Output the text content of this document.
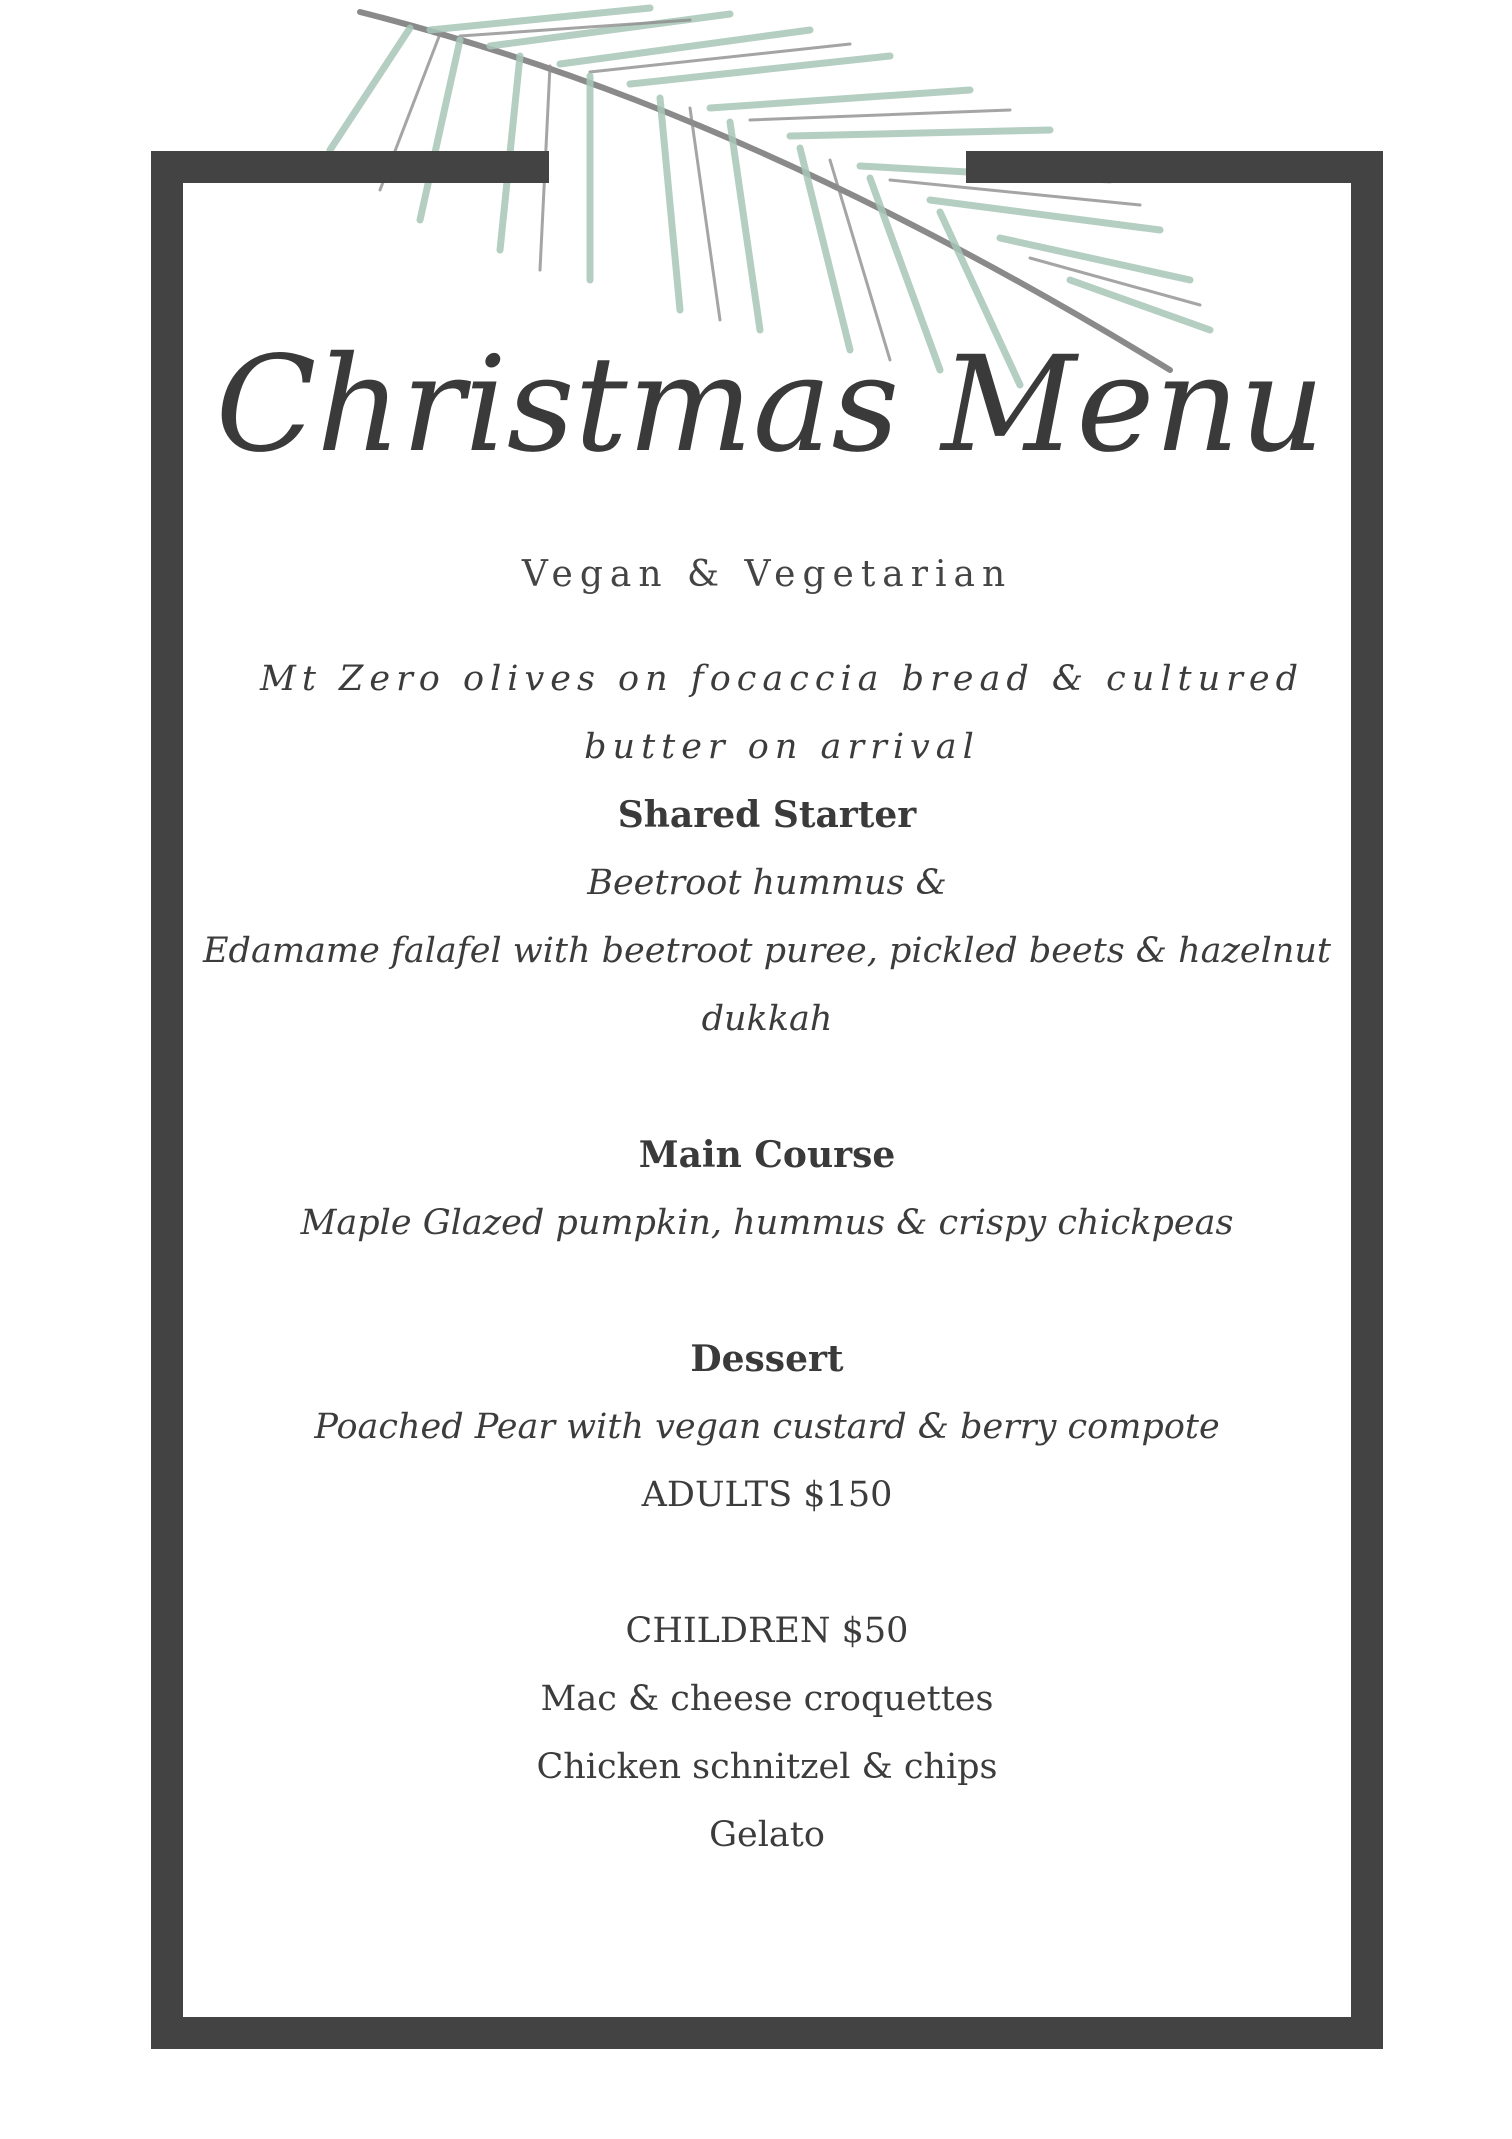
Christmas Menu
Vegan & Vegetarian
Mt Zero olives on focaccia bread & cultured butter on arrival
Shared Starter
Beetroot hummus &
Edamame falafel with beetroot puree, pickled beets & hazelnut dukkah
Main Course
Maple Glazed pumpkin, hummus & crispy chickpeas
Dessert
Poached Pear with vegan custard & berry compote
ADULTS $150
CHILDREN $50
Mac & cheese croquettes
Chicken schnitzel & chips
Gelato
